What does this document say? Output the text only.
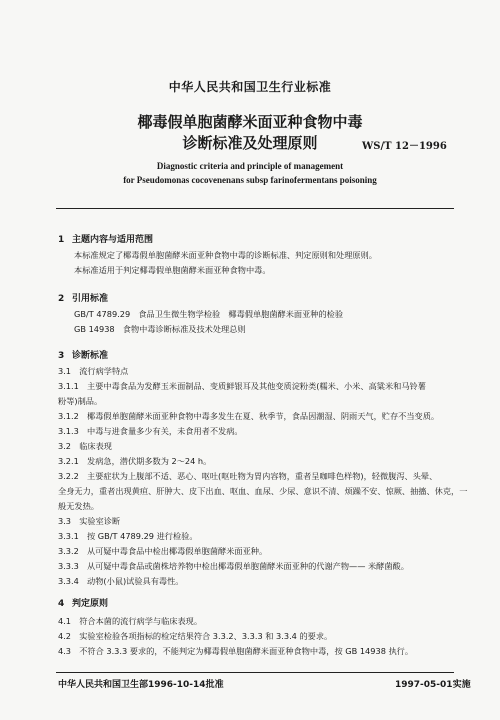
中华人民共和国卫生行业标准
椰毒假单胞菌酵米面亚种食物中毒
诊断标准及处理原则	WS/T 12－1996
Diagnostic criteria and principle of management
for Pseudomonas cocovenenans subsp farinofermentans poisoning
1 主题内容与适用范围
本标准规定了椰毒假单胞菌酵米面亚种食物中毒的诊断标准、判定原则和处理原则。
本标准适用于判定椰毒假单胞菌酵米面亚种食物中毒。
2 引用标准
GB/T 4789.29　食品卫生微生物学检验　椰毒假单胞菌酵米面亚种的检验
GB 14938　食物中毒诊断标准及技术处理总则
3 诊断标准
3.1　流行病学特点
3.1.1　主要中毒食品为发酵玉米面制品、变质鲜银耳及其他变质淀粉类(糯米、小米、高粱米和马铃薯
粉等)制品。
3.1.2　椰毒假单胞菌酵米面亚种食物中毒多发生在夏、秋季节，食品因潮湿、阴雨天气，贮存不当变质。
3.1.3　中毒与进食量多少有关，未食用者不发病。
3.2　临床表现
3.2.1　发病急，潜伏期多数为 2～24 h。
3.2.2　主要症状为上腹部不适、恶心、呕吐(呕吐物为胃内容物，重者呈咖啡色样物)，轻微腹泻、头晕、
全身无力，重者出现黄疸、肝肿大、皮下出血、呕血、血尿、少尿、意识不清、烦躁不安、惊厥、抽搐、休克，一
般无发热。
3.3　实验室诊断
3.3.1　按 GB/T 4789.29 进行检验。
3.3.2　从可疑中毒食品中检出椰毒假单胞菌酵米面亚种。
3.3.3　从可疑中毒食品或菌株培养物中检出椰毒假单胞菌酵米面亚种的代谢产物—— 米酵菌酸。
3.3.4　动物(小鼠)试验具有毒性。
4 判定原则
4.1　符合本菌的流行病学与临床表现。
4.2　实验室检验各项指标的检定结果符合 3.3.2、3.3.3 和 3.3.4 的要求。
4.3　不符合 3.3.3 要求的，不能判定为椰毒假单胞菌酵米面亚种食物中毒，按 GB 14938 执行。
中华人民共和国卫生部1996-10-14批准	1997-05-01实施
